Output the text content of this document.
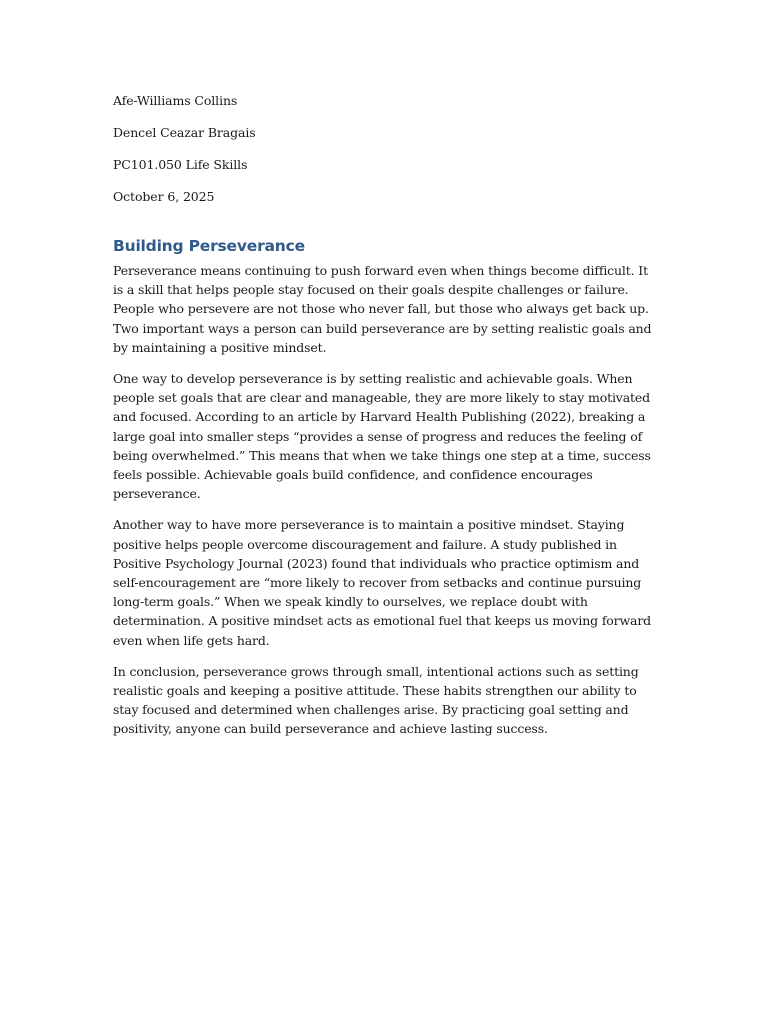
Afe-Williams Collins
Dencel Ceazar Bragais
PC101.050 Life Skills
October 6, 2025
Building Perseverance

Perseverance means continuing to push forward even when things become difficult. It is a skill that helps people stay focused on their goals despite challenges or failure. People who persevere are not those who never fall, but those who always get back up. Two important ways a person can build perseverance are by setting realistic goals and by maintaining a positive mindset.

One way to develop perseverance is by setting realistic and achievable goals. When people set goals that are clear and manageable, they are more likely to stay motivated and focused. According to an article by Harvard Health Publishing (2022), breaking a large goal into smaller steps “provides a sense of progress and reduces the feeling of being overwhelmed.” This means that when we take things one step at a time, success feels possible. Achievable goals build confidence, and confidence encourages perseverance.

Another way to have more perseverance is to maintain a positive mindset. Staying positive helps people overcome discouragement and failure. A study published in Positive Psychology Journal (2023) found that individuals who practice optimism and self-encouragement are “more likely to recover from setbacks and continue pursuing long-term goals.” When we speak kindly to ourselves, we replace doubt with determination. A positive mindset acts as emotional fuel that keeps us moving forward even when life gets hard.

In conclusion, perseverance grows through small, intentional actions such as setting realistic goals and keeping a positive attitude. These habits strengthen our ability to stay focused and determined when challenges arise. By practicing goal setting and positivity, anyone can build perseverance and achieve lasting success.
